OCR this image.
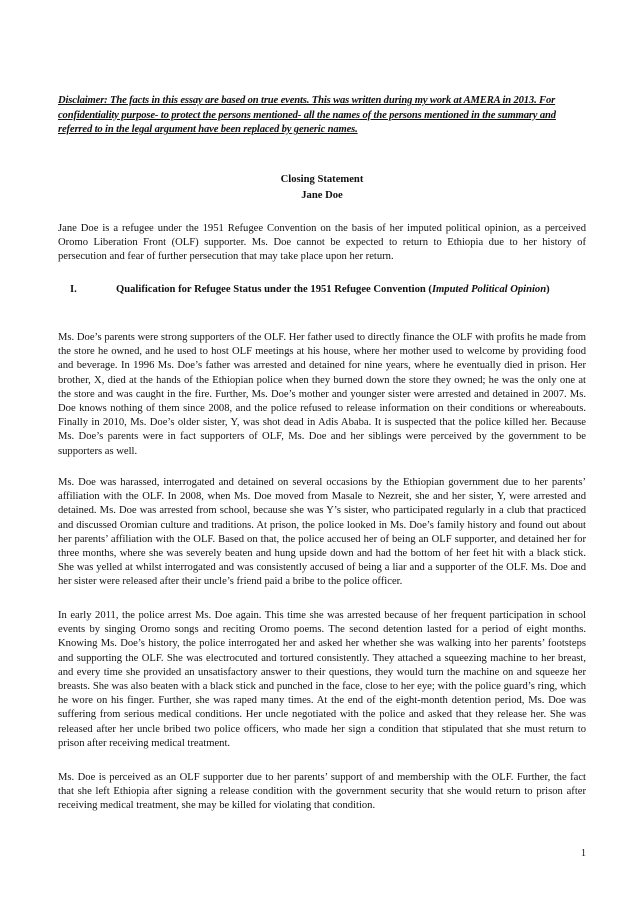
Disclaimer: The facts in this essay are based on true events. This was written during my work at AMERA in 2013. For confidentiality purpose- to protect the persons mentioned- all the names of the persons mentioned in the summary and referred to in the legal argument have been replaced by generic names.
Closing Statement
Jane Doe
Jane Doe is a refugee under the 1951 Refugee Convention on the basis of her imputed political opinion, as a perceived Oromo Liberation Front (OLF) supporter. Ms. Doe cannot be expected to return to Ethiopia due to her history of persecution and fear of further persecution that may take place upon her return.
I.	Qualification for Refugee Status under the 1951 Refugee Convention (Imputed Political Opinion)
Ms. Doe’s parents were strong supporters of the OLF. Her father used to directly finance the OLF with profits he made from the store he owned, and he used to host OLF meetings at his house, where her mother used to welcome by providing food and beverage. In 1996 Ms. Doe’s father was arrested and detained for nine years, where he eventually died in prison. Her brother, X, died at the hands of the Ethiopian police when they burned down the store they owned; he was the only one at the store and was caught in the fire. Further, Ms. Doe’s mother and younger sister were arrested and detained in 2007. Ms. Doe knows nothing of them since 2008, and the police refused to release information on their conditions or whereabouts. Finally in 2010, Ms. Doe’s older sister, Y, was shot dead in Adis Ababa. It is suspected that the police killed her. Because Ms. Doe’s parents were in fact supporters of OLF, Ms. Doe and her siblings were perceived by the government to be supporters as well.
Ms. Doe was harassed, interrogated and detained on several occasions by the Ethiopian government due to her parents’ affiliation with the OLF. In 2008, when Ms. Doe moved from Masale to Nezreit, she and her sister, Y, were arrested and detained. Ms. Doe was arrested from school, because she was Y’s sister, who participated regularly in a club that practiced and discussed Oromian culture and traditions. At prison, the police looked in Ms. Doe’s family history and found out about her parents’ affiliation with the OLF. Based on that, the police accused her of being an OLF supporter, and detained her for three months, where she was severely beaten and hung upside down and had the bottom of her feet hit with a black stick. She was yelled at whilst interrogated and was consistently accused of being a liar and a supporter of the OLF. Ms. Doe and her sister were released after their uncle’s friend paid a bribe to the police officer.
In early 2011, the police arrest Ms. Doe again. This time she was arrested because of her frequent participation in school events by singing Oromo songs and reciting Oromo poems. The second detention lasted for a period of eight months. Knowing Ms. Doe’s history, the police interrogated her and asked her whether she was walking into her parents’ footsteps and supporting the OLF. She was electrocuted and tortured consistently. They attached a squeezing machine to her breast, and every time she provided an unsatisfactory answer to their questions, they would turn the machine on and squeeze her breasts. She was also beaten with a black stick and punched in the face, close to her eye; with the police guard’s ring, which he wore on his finger. Further, she was raped many times. At the end of the eight-month detention period, Ms. Doe was suffering from serious medical conditions. Her uncle negotiated with the police and asked that they release her. She was released after her uncle bribed two police officers, who made her sign a condition that stipulated that she must return to prison after receiving medical treatment.
Ms. Doe is perceived as an OLF supporter due to her parents’ support of and membership with the OLF. Further, the fact that she left Ethiopia after signing a release condition with the government security that she would return to prison after receiving medical treatment, she may be killed for violating that condition.
1
